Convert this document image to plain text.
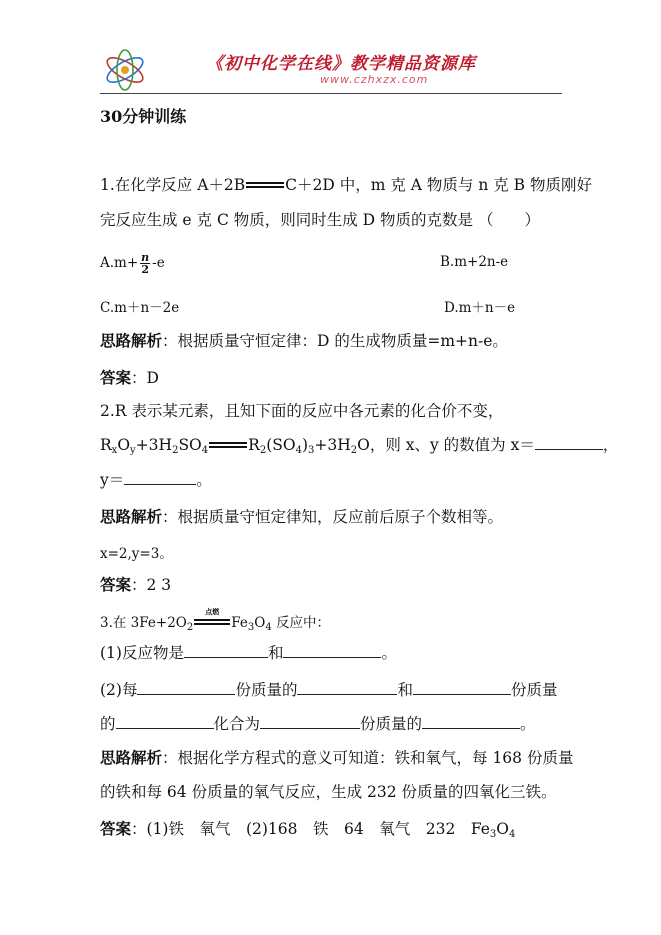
《初中化学在线》教学精品资源库
www.czhxzx.com
30分钟训练
1.在化学反应 A＋2B	C＋2D 中，m 克 A 物质与 n 克 B 物质刚好
完反应生成 e 克 C 物质，则同时生成 D 物质的克数是 （　　）
$A.m+ \frac{n}{2} -e$	B.m+2n-e
C.m＋n－2e	D.m＋n－e
思路解析：根据质量守恒定律：D 的生成物质量=m+n-e。
答案：D
2.R 表示某元素，且知下面的反应中各元素的化合价不变，
$R_xO_y+3H_2SO_4$	$R_2(SO_4)_3+3H_2O$，则 x、y 的数值为 x＝	，
y＝	。
思路解析：根据质量守恒定律知，反应前后原子个数相等。
x=2,y=3。
答案：2 3
3.在 $3Fe+2O_2$
点燃
$Fe_3O_4$ 反应中：
(1)反应物是	和	。
(2)每	份质量的	和	份质量
的	化合为	份质量的	。
思路解析：根据化学方程式的意义可知道：铁和氧气，每 168 份质量
的铁和每 64 份质量的氧气反应，生成 232 份质量的四氧化三铁。
答案：(1)铁　氧气　(2)168　铁　64　氧气　232　$Fe_3O_4$
